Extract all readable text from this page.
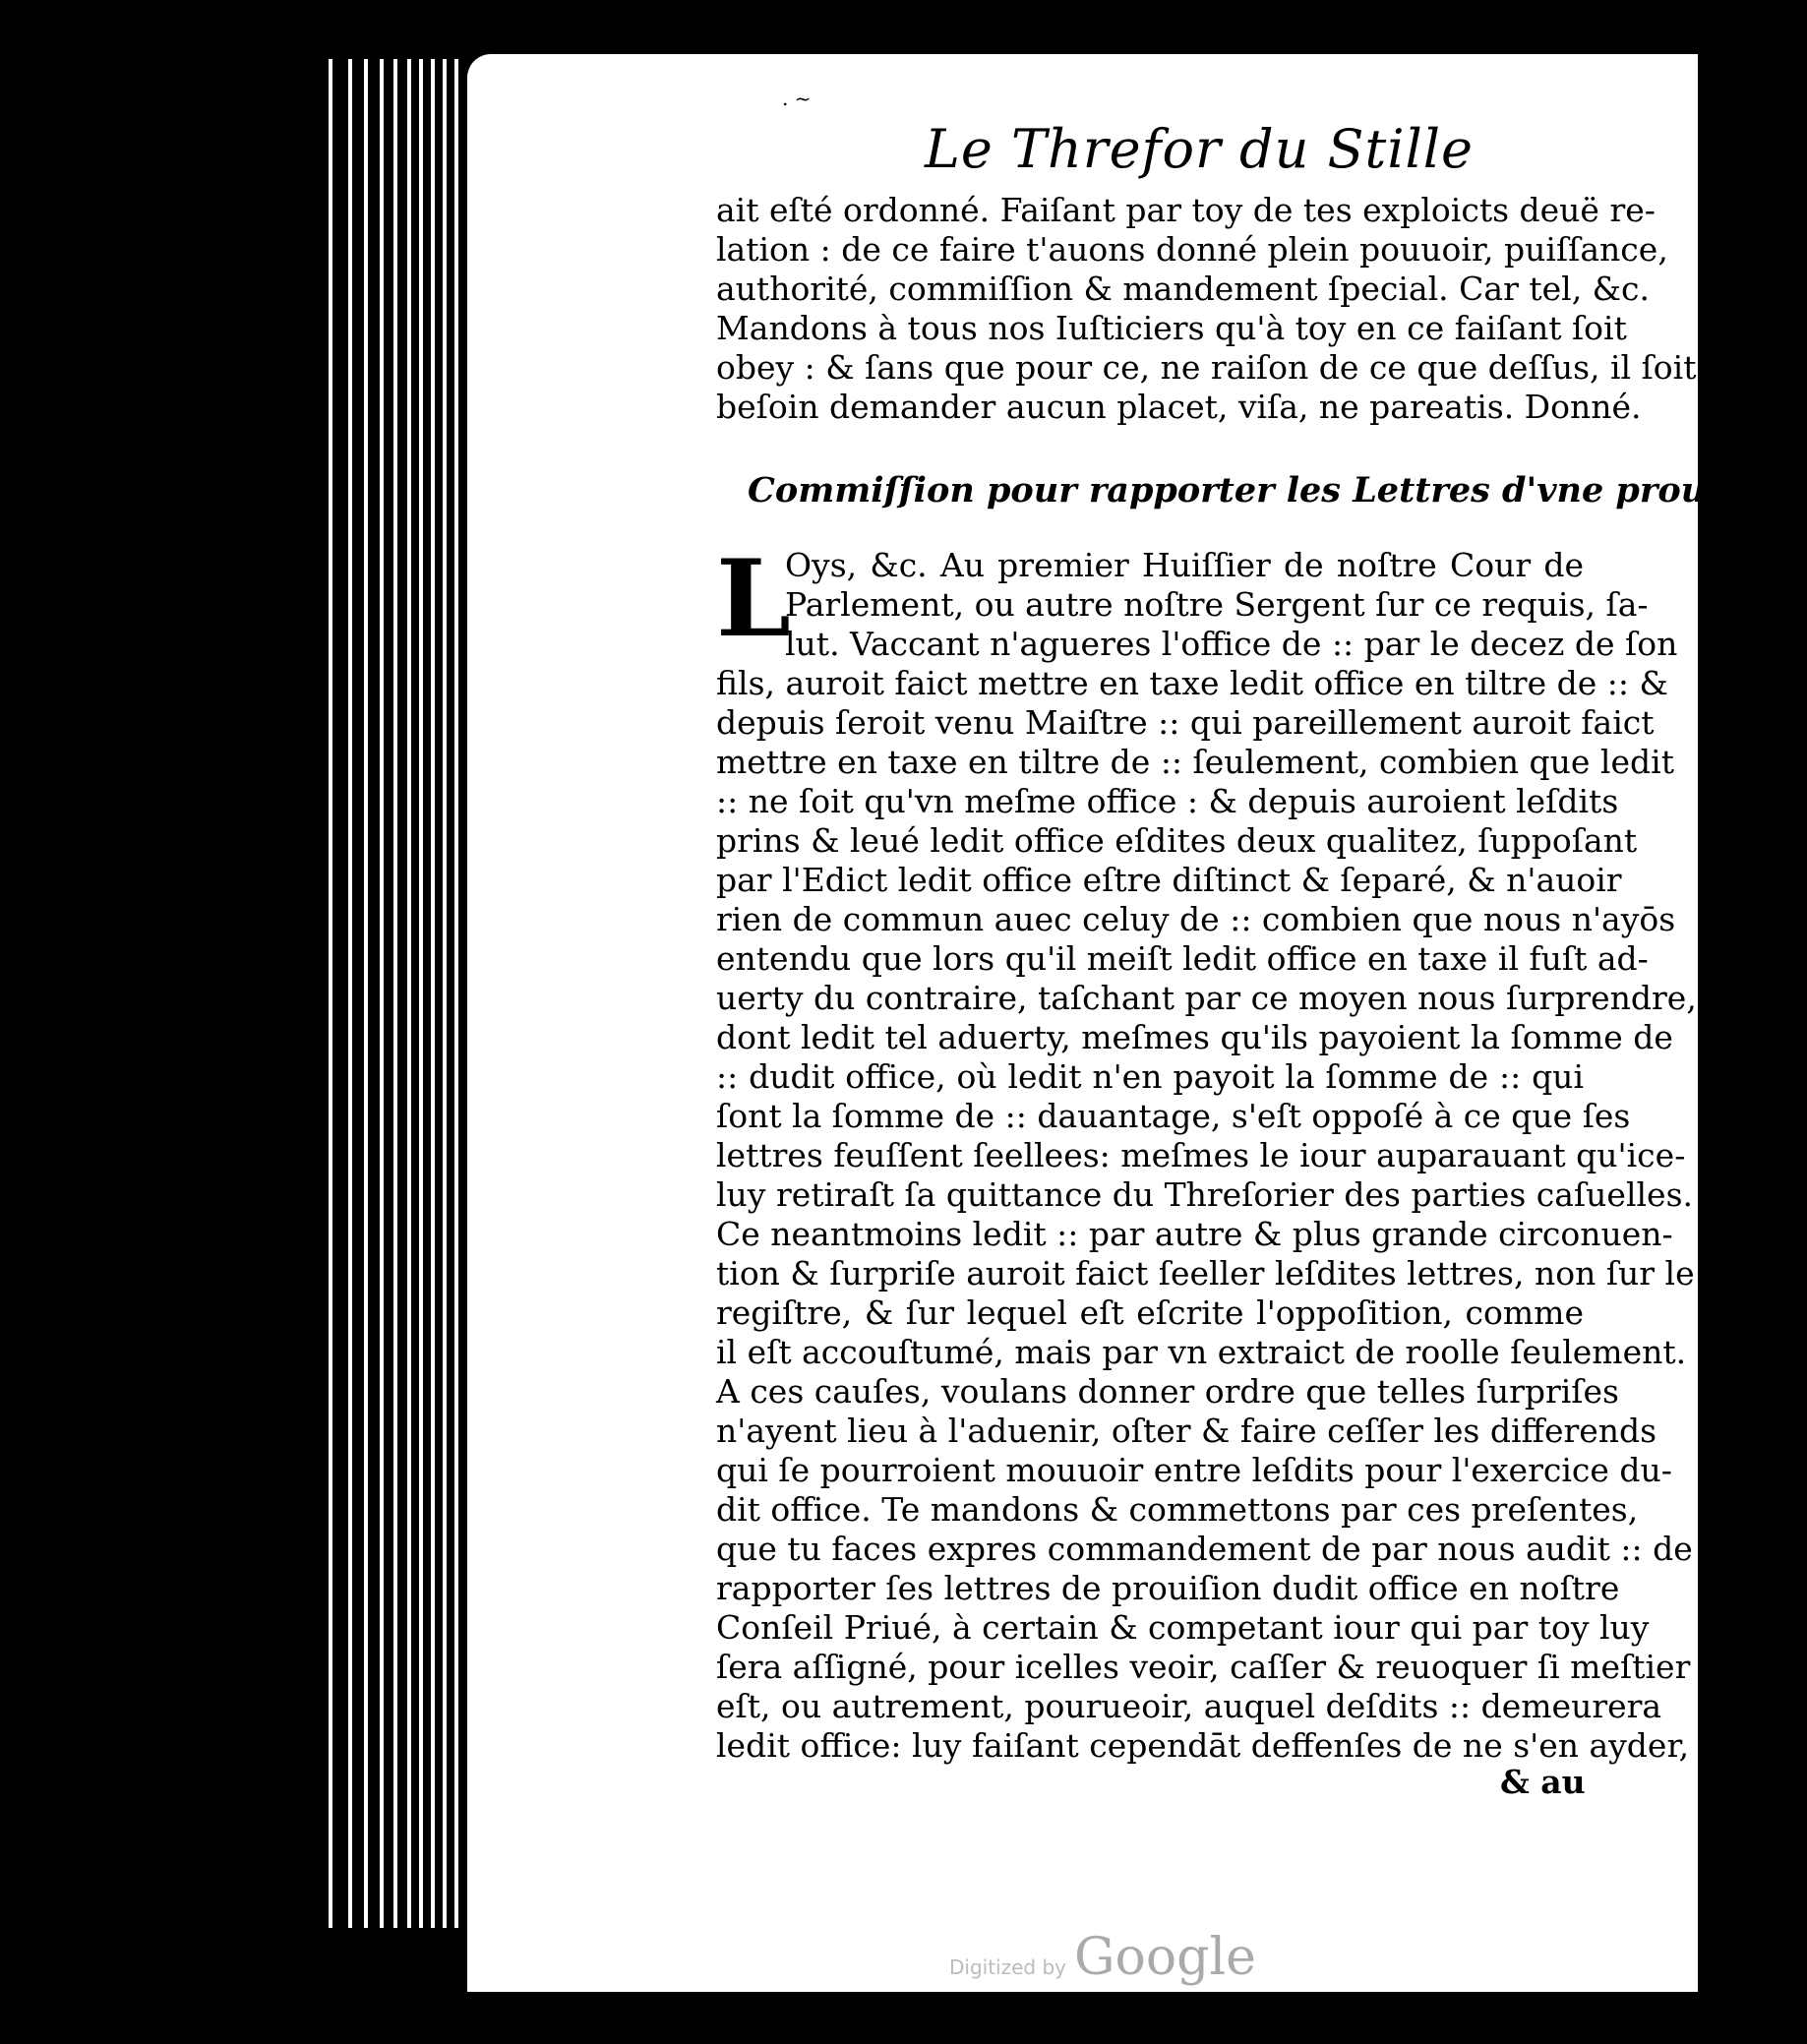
. ~
Le Threfor du Stille
ait eſté ordonné. Faiſant par toy de tes exploicts deuë re-
lation : de ce faire t'auons donné plein pouuoir, puiſſance,
authorité, commiſſion & mandement ſpecial. Car tel, &c.
Mandons à tous nos Iuſticiers qu'à toy en ce faiſant ſoit
obey : & ſans que pour ce, ne raiſon de ce que deſſus, il ſoit
beſoin demander aucun placet, viſa, ne pareatis. Donné.
Commiſſion pour rapporter les Lettres d'vne prouiſion.
L
Oys, &c. Au premier Huiſſier de noſtre Cour de
Parlement, ou autre noſtre Sergent ſur ce requis, ſa-
lut. Vaccant n'agueres l'office de :: par le decez de ſon
fils, auroit faict mettre en taxe ledit office en tiltre de :: &
depuis ſeroit venu Maiſtre :: qui pareillement auroit faict
mettre en taxe en tiltre de :: ſeulement, combien que ledit
:: ne ſoit qu'vn meſme office : & depuis auroient leſdits
prins & leué ledit office eſdites deux qualitez, ſuppoſant
par l'Edict ledit office eſtre diſtinct & ſeparé, & n'auoir
rien de commun auec celuy de :: combien que nous n'ayōs
entendu que lors qu'il meiſt ledit office en taxe il fuſt ad-
uerty du contraire, taſchant par ce moyen nous ſurprendre,
dont ledit tel aduerty, meſmes qu'ils payoient la ſomme de
:: dudit office, où ledit n'en payoit la ſomme de :: qui
ſont la ſomme de :: dauantage, s'eſt oppoſé à ce que ſes
lettres feuſſent ſeellees: meſmes le iour auparauant qu'ice-
luy retiraſt ſa quittance du Threſorier des parties caſuelles.
Ce neantmoins ledit :: par autre & plus grande circonuen-
tion & ſurpriſe auroit faict ſeeller leſdites lettres, non ſur le
regiſtre, & ſur lequel eſt eſcrite l'oppoſition, comme
il eſt accouſtumé, mais par vn extraict de roolle ſeulement.
A ces cauſes, voulans donner ordre que telles ſurpriſes
n'ayent lieu à l'aduenir, oſter & faire ceſſer les differends
qui ſe pourroient mouuoir entre leſdits pour l'exercice du-
dit office. Te mandons & commettons par ces preſentes,
que tu faces expres commandement de par nous audit :: de
rapporter ſes lettres de prouiſion dudit office en noſtre
Conſeil Priué, à certain & competant iour qui par toy luy
ſera aſſigné, pour icelles veoir, caſſer & reuoquer ſi meſtier
eſt, ou autrement, pourueoir, auquel deſdits :: demeurera
ledit office: luy faiſant cependāt deffenſes de ne s'en ayder,
& au
Digitized by Google
